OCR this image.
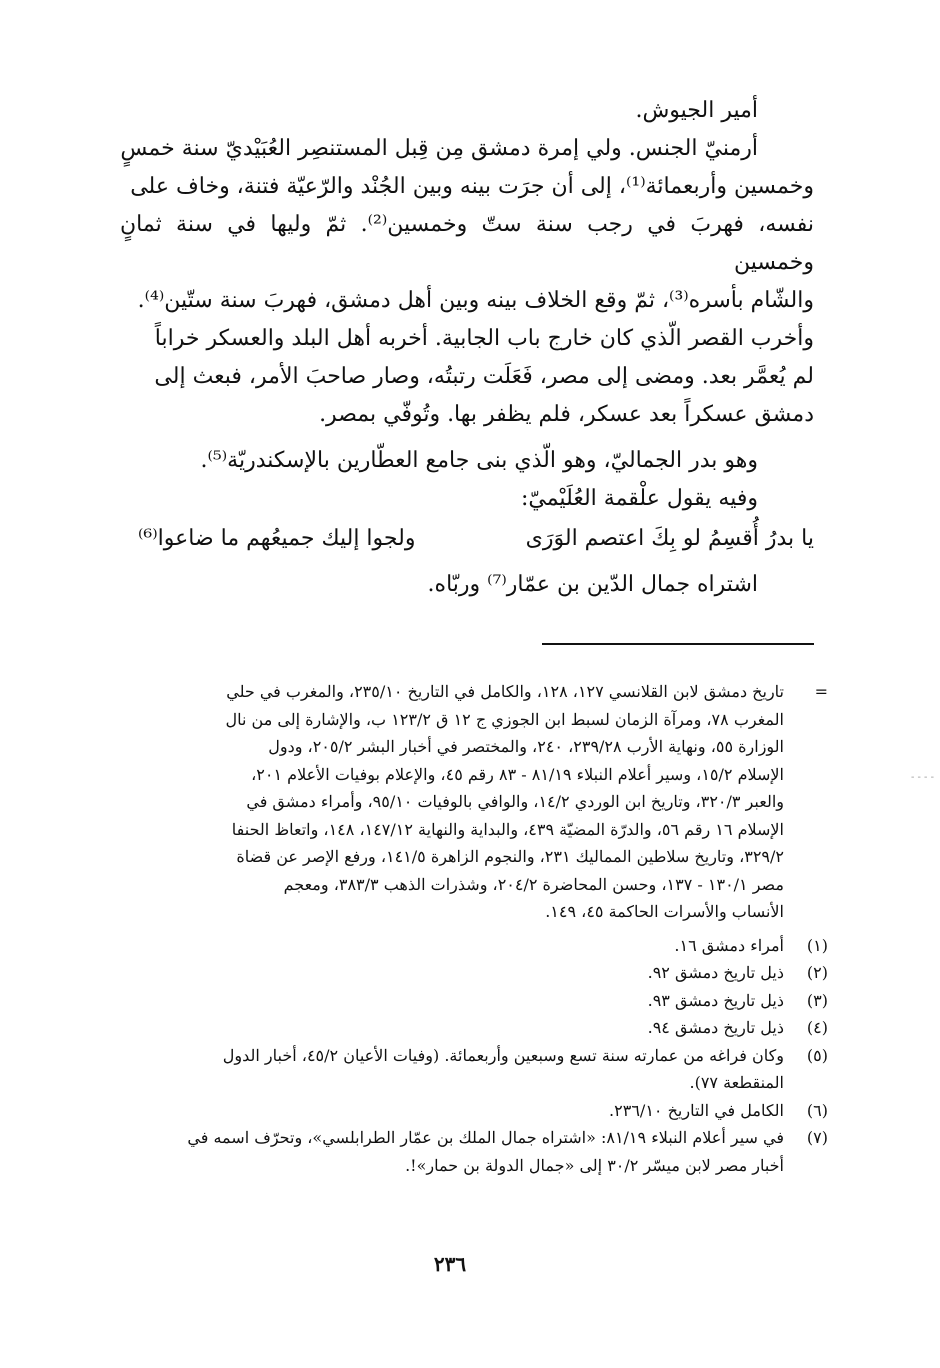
أمير الجيوش.

أرمنيّ الجنس. ولي إمرة دمشق مِن قِبل المستنصِر العُبَيْديّ سنة خمسٍ

وخمسين وأربعمائة⁽¹⁾، إلى أن جرَت بينه وبين الجُنْد والرّعيّة فتنة، وخاف على

نفسه، فهربَ في رجب سنة ستّ وخمسين⁽²⁾. ثمّ وليها في سنة ثمانٍ وخمسين

والشّام بأسره⁽³⁾، ثمّ وقع الخلاف بينه وبين أهل دمشق، فهربَ سنة ستّين⁽⁴⁾.

وأخرب القصر الّذي كان خارج باب الجابية. أخربه أهل البلد والعسكر خراباً

لم يُعمَّر بعد. ومضى إلى مصر، فَعَلَت رتبتُه، وصار صاحبَ الأمر، فبعث إلى

دمشق عسكراً بعد عسكر، فلم يظفر بها. وتُوفّي بمصر.

وهو بدر الجماليّ، وهو الّذي بنى جامع العطّارين بالإسكندريّة⁽⁵⁾.

وفيه يقول علْقمة العُلَيْميّ:

يا بدرُ أُقسِمُ لو بِكَ اعتصم الوَرَى
ولجوا إليك جميعُهم ما ضاعوا⁽⁶⁾

اشتراه جمال الدّين بن عمّار⁽⁷⁾ وربّاه.

=
تاريخ دمشق لابن القلانسي ١٢٧، ١٢٨، والكامل في التاريخ ٢٣٥/١٠، والمغرب في حلي
المغرب ٧٨، ومرآة الزمان لسبط ابن الجوزي ج ١٢ ق ١٢٣/٢ ب، والإشارة إلى من نال
الوزارة ٥٥، ونهاية الأرب ٢٣٩/٢٨، ٢٤٠، والمختصر في أخبار البشر ٢٠٥/٢، ودول
الإسلام ١٥/٢، وسير أعلام النبلاء ٨١/١٩ - ٨٣ رقم ٤٥، والإعلام بوفيات الأعلام ٢٠١،
والعبر ٣٢٠/٣، وتاريخ ابن الوردي ١٤/٢، والوافي بالوفيات ٩٥/١٠، وأمراء دمشق في
الإسلام ١٦ رقم ٥٦، والدرّة المضيّة ٤٣٩، والبداية والنهاية ١٤٧/١٢، ١٤٨، واتعاظ الحنفا
٣٢٩/٢، وتاريخ سلاطين المماليك ٢٣١، والنجوم الزاهرة ١٤١/٥، ورفع الإصر عن قضاة
مصر ١٣٠/١ - ١٣٧، وحسن المحاضرة ٢٠٤/٢، وشذرات الذهب ٣٨٣/٣، ومعجم
الأنساب والأسرات الحاكمة ٤٥، ١٤٩.
(١)
أمراء دمشق ١٦.
(٢)
ذيل تاريخ دمشق ٩٢.
(٣)
ذيل تاريخ دمشق ٩٣.
(٤)
ذيل تاريخ دمشق ٩٤.
(٥)
وكان فراغه من عمارته سنة تسع وسبعين وأربعمائة. (وفيات الأعيان ٤٥/٢، أخبار الدول
المنقطعة ٧٧).
(٦)
الكامل في التاريخ ٢٣٦/١٠.
(٧)
في سير أعلام النبلاء ٨١/١٩: «اشتراه جمال الملك بن عمّار الطرابلسي»، وتحرّف اسمه في
أخبار مصر لابن ميسّر ٣٠/٢ إلى «جمال الدولة بن حمار»!.
- - - -
٢٣٦
